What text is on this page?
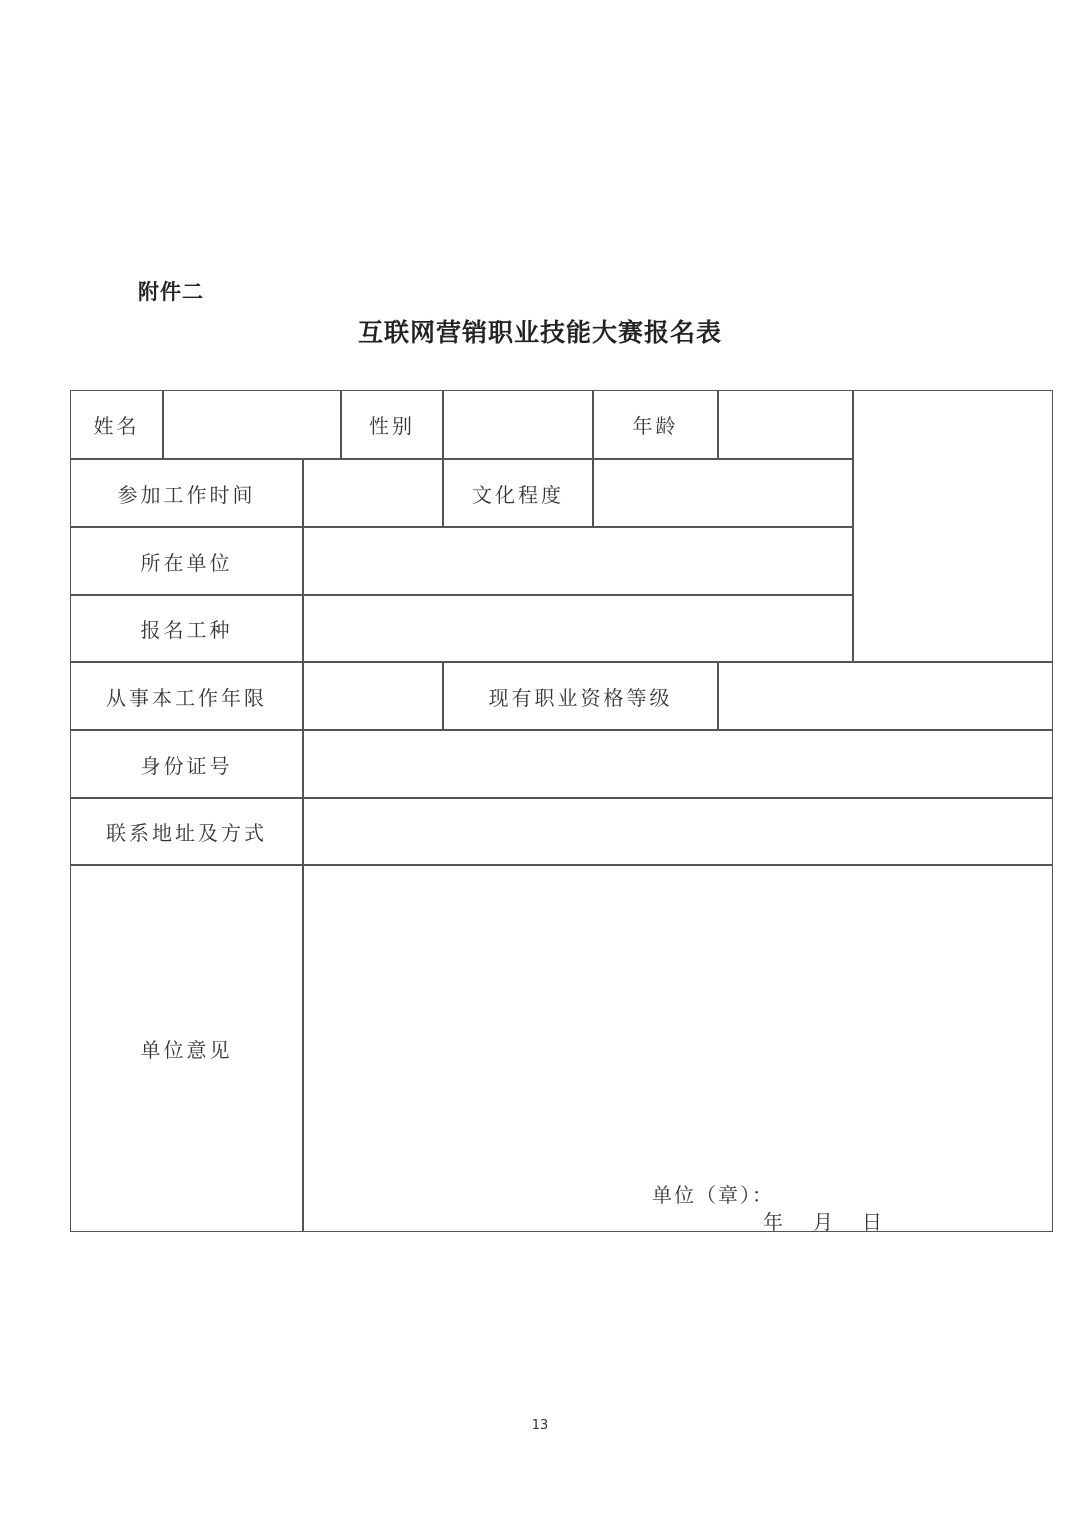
附件二
互联网营销职业技能大赛报名表
姓名	性别	年龄
参加工作时间	文化程度
所在单位
报名工种
从事本工作年限	现有职业资格等级
身份证号
联系地址及方式
单位意见
单位（章）：
年 月 日
13
